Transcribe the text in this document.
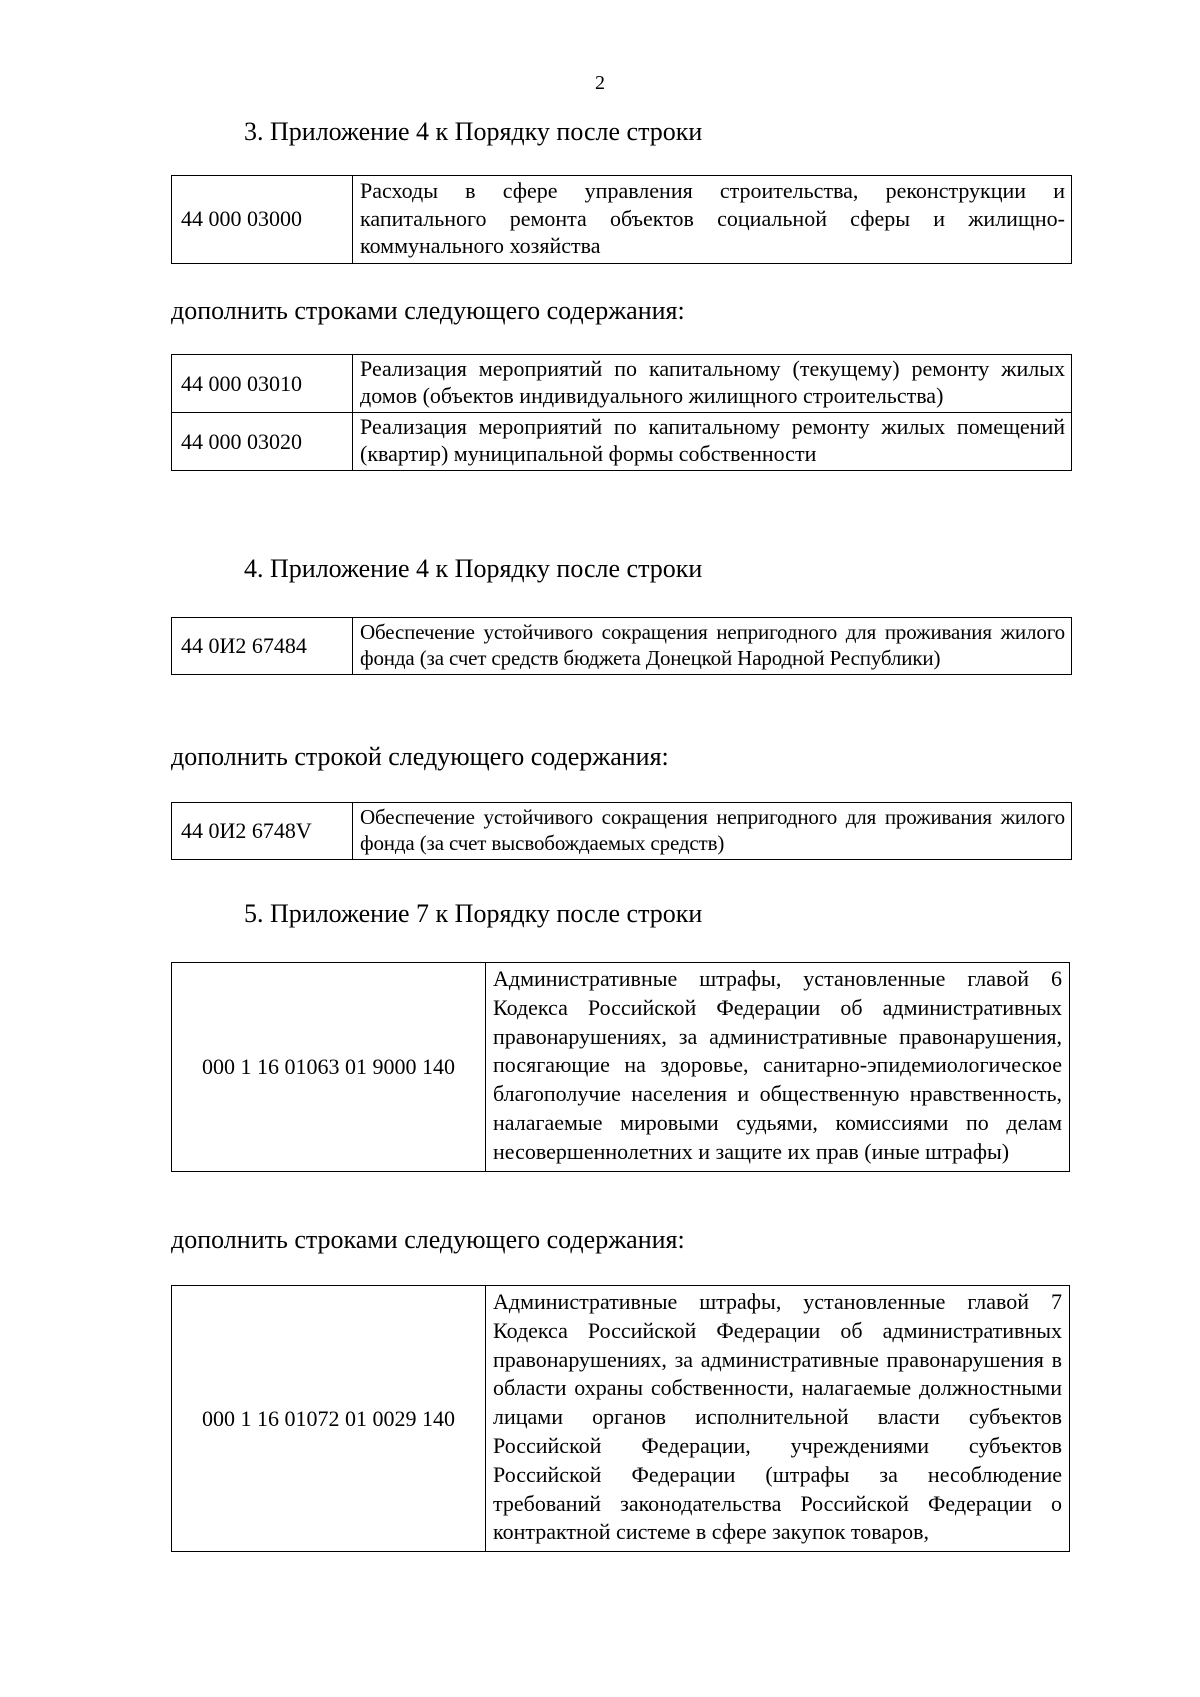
2
3. Приложение 4 к Порядку после строки
44 000 03000	Расходы в сфере управления строительства, реконструкции и капитального ремонта объектов социальной сферы и жилищно-коммунального хозяйства
дополнить строками следующего содержания:
44 000 03010	Реализация мероприятий по капитальному (текущему) ремонту жилых домов (объектов индивидуального жилищного строительства)
44 000 03020	Реализация мероприятий по капитальному ремонту жилых помещений (квартир) муниципальной формы собственности
4. Приложение 4 к Порядку после строки
44 0И2 67484	Обеспечение устойчивого сокращения непригодного для проживания жилого фонда (за счет средств бюджета Донецкой Народной Республики)
дополнить строкой следующего содержания:
44 0И2 6748V	Обеспечение устойчивого сокращения непригодного для проживания жилого фонда (за счет высвобождаемых средств)
5. Приложение 7 к Порядку после строки
000 1 16 01063 01 9000 140	Административные штрафы, установленные главой 6 Кодекса Российской Федерации об административных правонарушениях, за административные правонарушения, посягающие на здоровье, санитарно-эпидемиологическое благополучие населения и общественную нравственность, налагаемые мировыми судьями, комиссиями по делам несовершеннолетних и защите их прав (иные штрафы)
дополнить строками следующего содержания:
000 1 16 01072 01 0029 140	Административные штрафы, установленные главой 7 Кодекса Российской Федерации об административных правонарушениях, за административные правонарушения в области охраны собственности, налагаемые должностными лицами органов исполнительной власти субъектов Российской Федерации, учреждениями субъектов Российской Федерации (штрафы за несоблюдение требований законодательства Российской Федерации о контрактной системе в сфере закупок товаров,
